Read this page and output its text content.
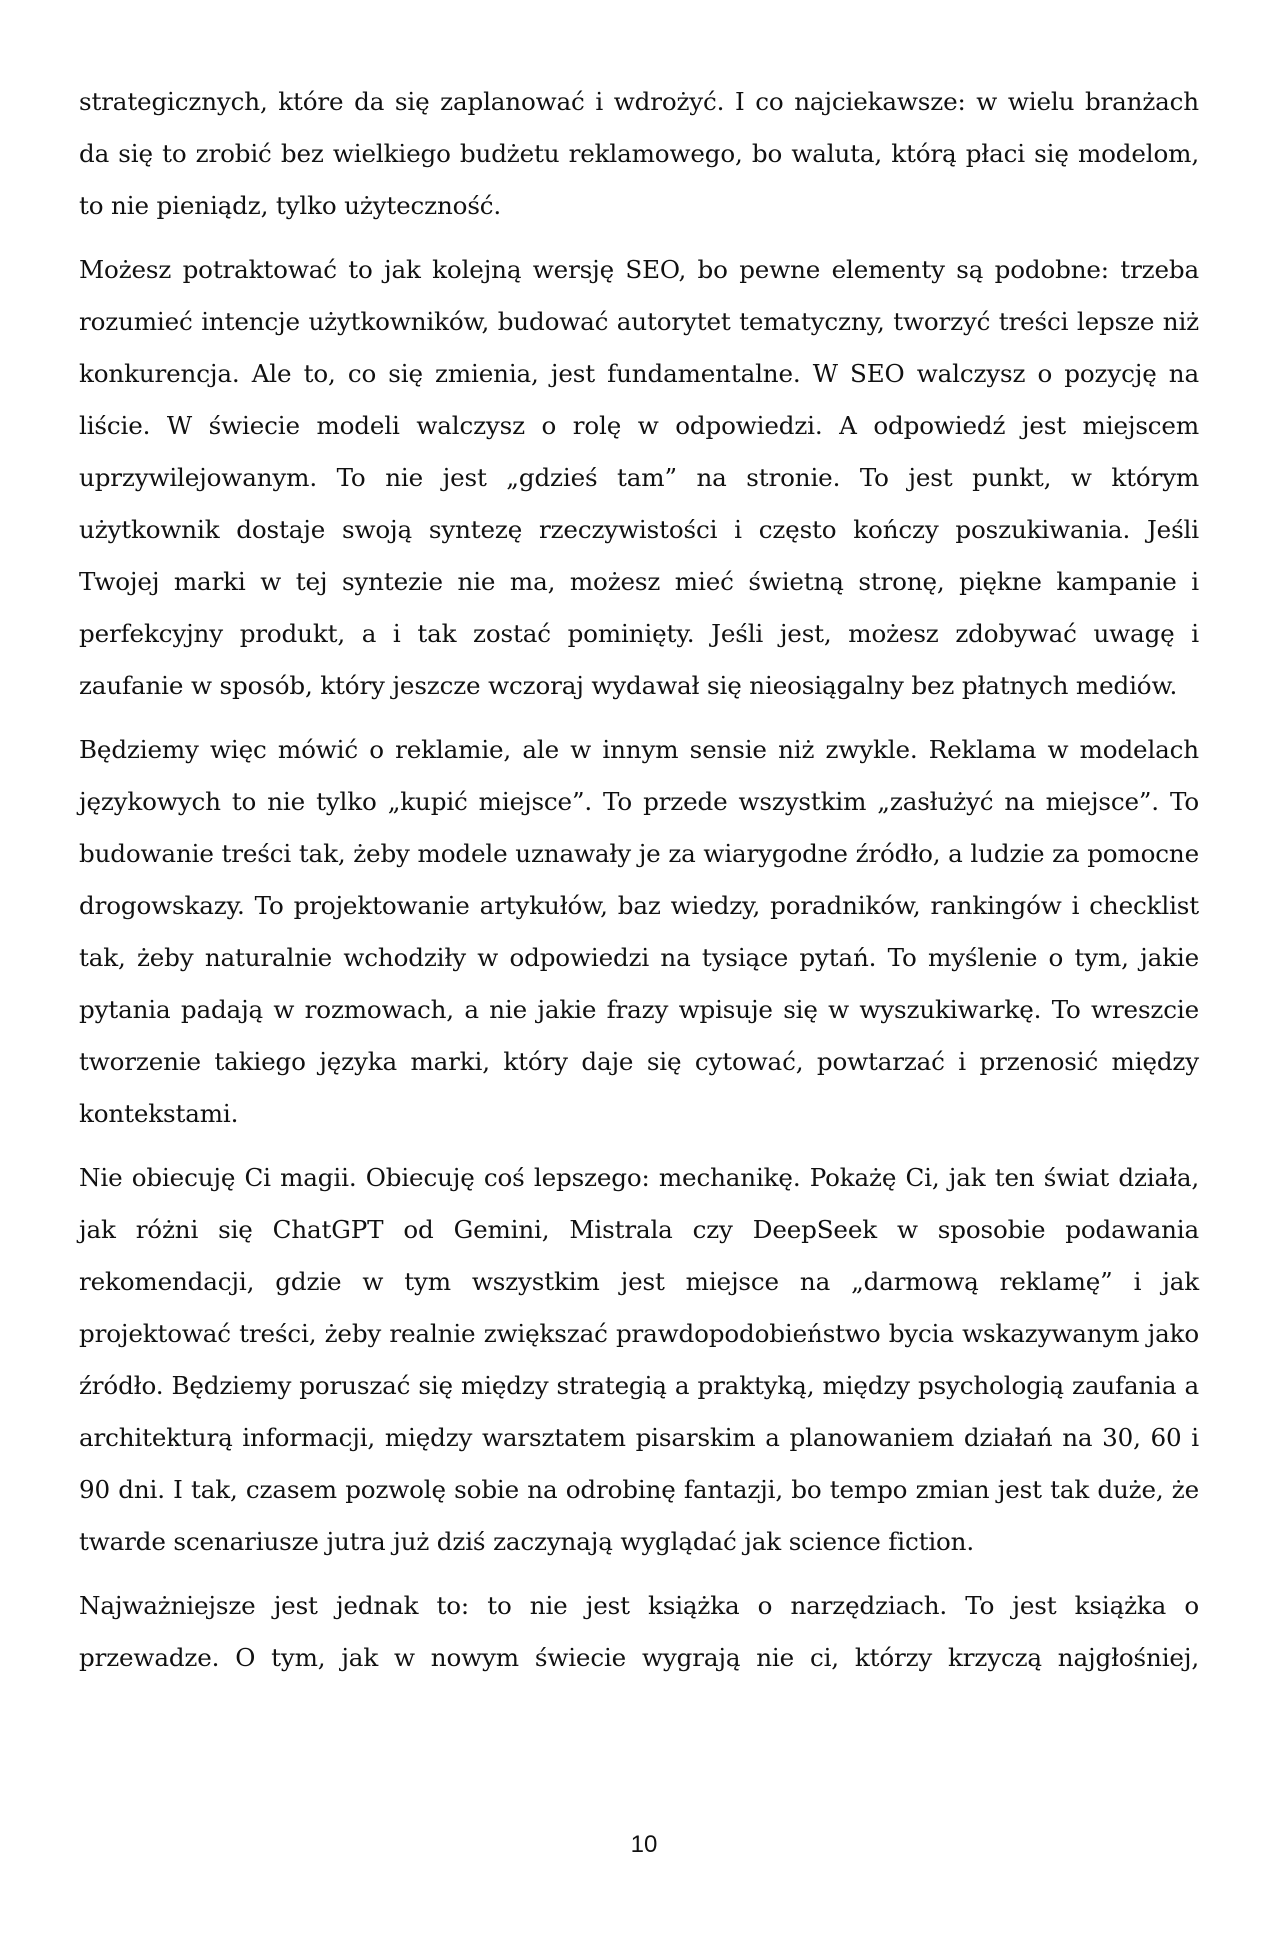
strategicznych, które da się zaplanować i wdrożyć. I co najciekawsze: w wielu branżach da się to zrobić bez wielkiego budżetu reklamowego, bo waluta, którą płaci się modelom, to nie pieniądz, tylko użyteczność.

Możesz potraktować to jak kolejną wersję SEO, bo pewne elementy są podobne: trzeba rozumieć intencje użytkowników, budować autorytet tematyczny, tworzyć treści lepsze niż konkurencja. Ale to, co się zmienia, jest fundamentalne. W SEO walczysz o pozycję na liście. W świecie modeli walczysz o rolę w odpowiedzi. A odpowiedź jest miejscem uprzywilejowanym. To nie jest „gdzieś tam” na stronie. To jest punkt, w którym użytkownik dostaje swoją syntezę rzeczywistości i często kończy poszukiwania. Jeśli Twojej marki w tej syntezie nie ma, możesz mieć świetną stronę, piękne kampanie i perfekcyjny produkt, a i tak zostać pominięty. Jeśli jest, możesz zdobywać uwagę i zaufanie w sposób, który jeszcze wczoraj wydawał się nieosiągalny bez płatnych mediów.

Będziemy więc mówić o reklamie, ale w innym sensie niż zwykle. Reklama w modelach językowych to nie tylko „kupić miejsce”. To przede wszystkim „zasłużyć na miejsce”. To budowanie treści tak, żeby modele uznawały je za wiarygodne źródło, a ludzie za pomocne drogowskazy. To projektowanie artykułów, baz wiedzy, poradników, rankingów i checklist tak, żeby naturalnie wchodziły w odpowiedzi na tysiące pytań. To myślenie o tym, jakie pytania padają w rozmowach, a nie jakie frazy wpisuje się w wyszukiwarkę. To wreszcie tworzenie takiego języka marki, który daje się cytować, powtarzać i przenosić między kontekstami.

Nie obiecuję Ci magii. Obiecuję coś lepszego: mechanikę. Pokażę Ci, jak ten świat działa, jak różni się ChatGPT od Gemini, Mistrala czy DeepSeek w sposobie podawania rekomendacji, gdzie w tym wszystkim jest miejsce na „darmową reklamę” i jak projektować treści, żeby realnie zwiększać prawdopodobieństwo bycia wskazywanym jako źródło. Będziemy poruszać się między strategią a praktyką, między psychologią zaufania a architekturą informacji, między warsztatem pisarskim a planowaniem działań na 30, 60 i 90 dni. I tak, czasem pozwolę sobie na odrobinę fantazji, bo tempo zmian jest tak duże, że twarde scenariusze jutra już dziś zaczynają wyglądać jak science fiction.

Najważniejsze jest jednak to: to nie jest książka o narzędziach. To jest książka o przewadze. O tym, jak w nowym świecie wygrają nie ci, którzy krzyczą najgłośniej,

10
